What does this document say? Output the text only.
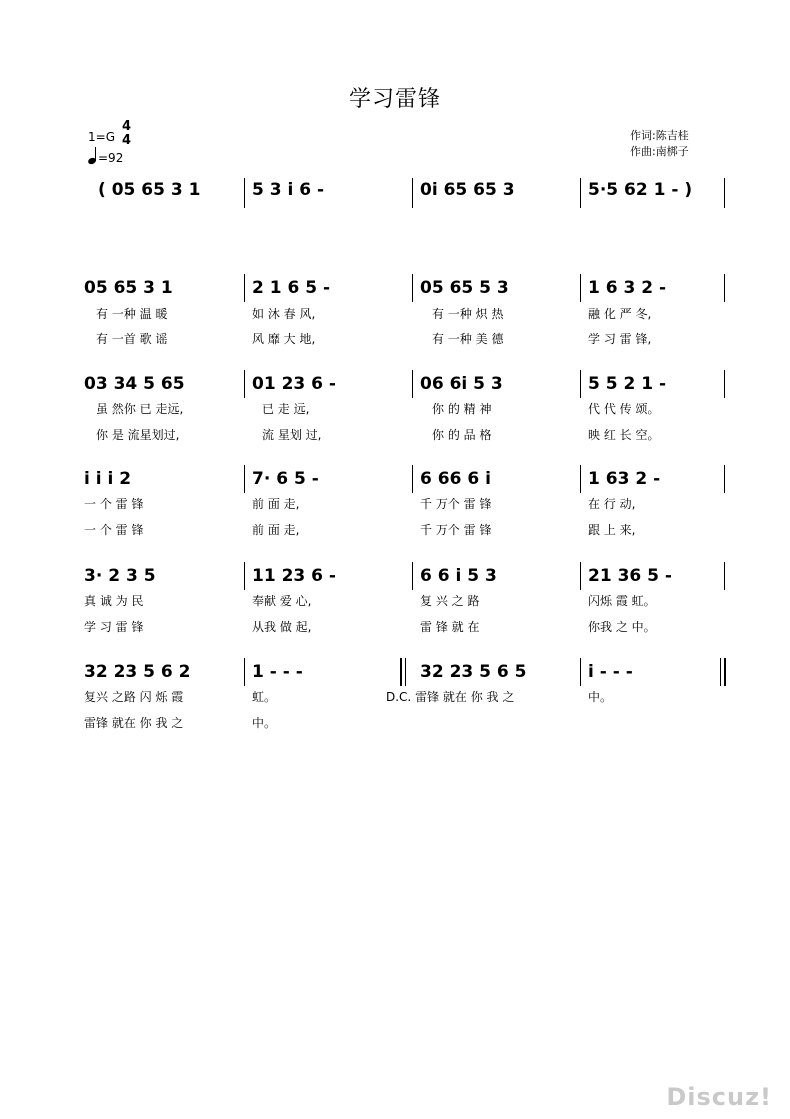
学习雷锋
1=G
4
4
=92
作词:陈吉桂
作曲:南梆子
( 05 65 3 1	5 3 i 6 -	0i 65 65 3	5·5 62 1 - )
05 65 3 1	2 1 6 5 -	05 65 5 3	1 6 3 2 -
有 一种 温 暖	如 沐 春 风,	有 一种 炽 热	融 化 严 冬,
有 一首 歌 谣	风 靡 大 地,	有 一种 美 德	学 习 雷 锋,
03 34 5 65	01 23 6 -	06 6i 5 3	5 5 2 1 -
虽 然你 已 走远,	已 走 远,	你 的 精 神	代 代 传 颂。
你 是 流星划过,	流 星划 过,	你 的 品 格	映 红 长 空。
i i i 2	7· 6 5 -	6 66 6 i	1 63 2 -
一 个 雷 锋	前 面 走,	千 万个 雷 锋	在 行 动,
一 个 雷 锋	前 面 走,	千 万个 雷 锋	跟 上 来,
3· 2 3 5	11 23 6 -	6 6 i 5 3	21 36 5 -
真 诚 为 民	奉献 爱 心,	复 兴 之 路	闪烁 霞 虹。
学 习 雷 锋	从我 做 起,	雷 锋 就 在	你我 之 中。
32 23 5 6 2	1 - - -	32 23 5 6 5	i - - -
复兴 之路 闪 烁 霞	虹。	D.C. 雷锋 就在 你 我 之	中。
雷锋 就在 你 我 之	中。
Discuz!
